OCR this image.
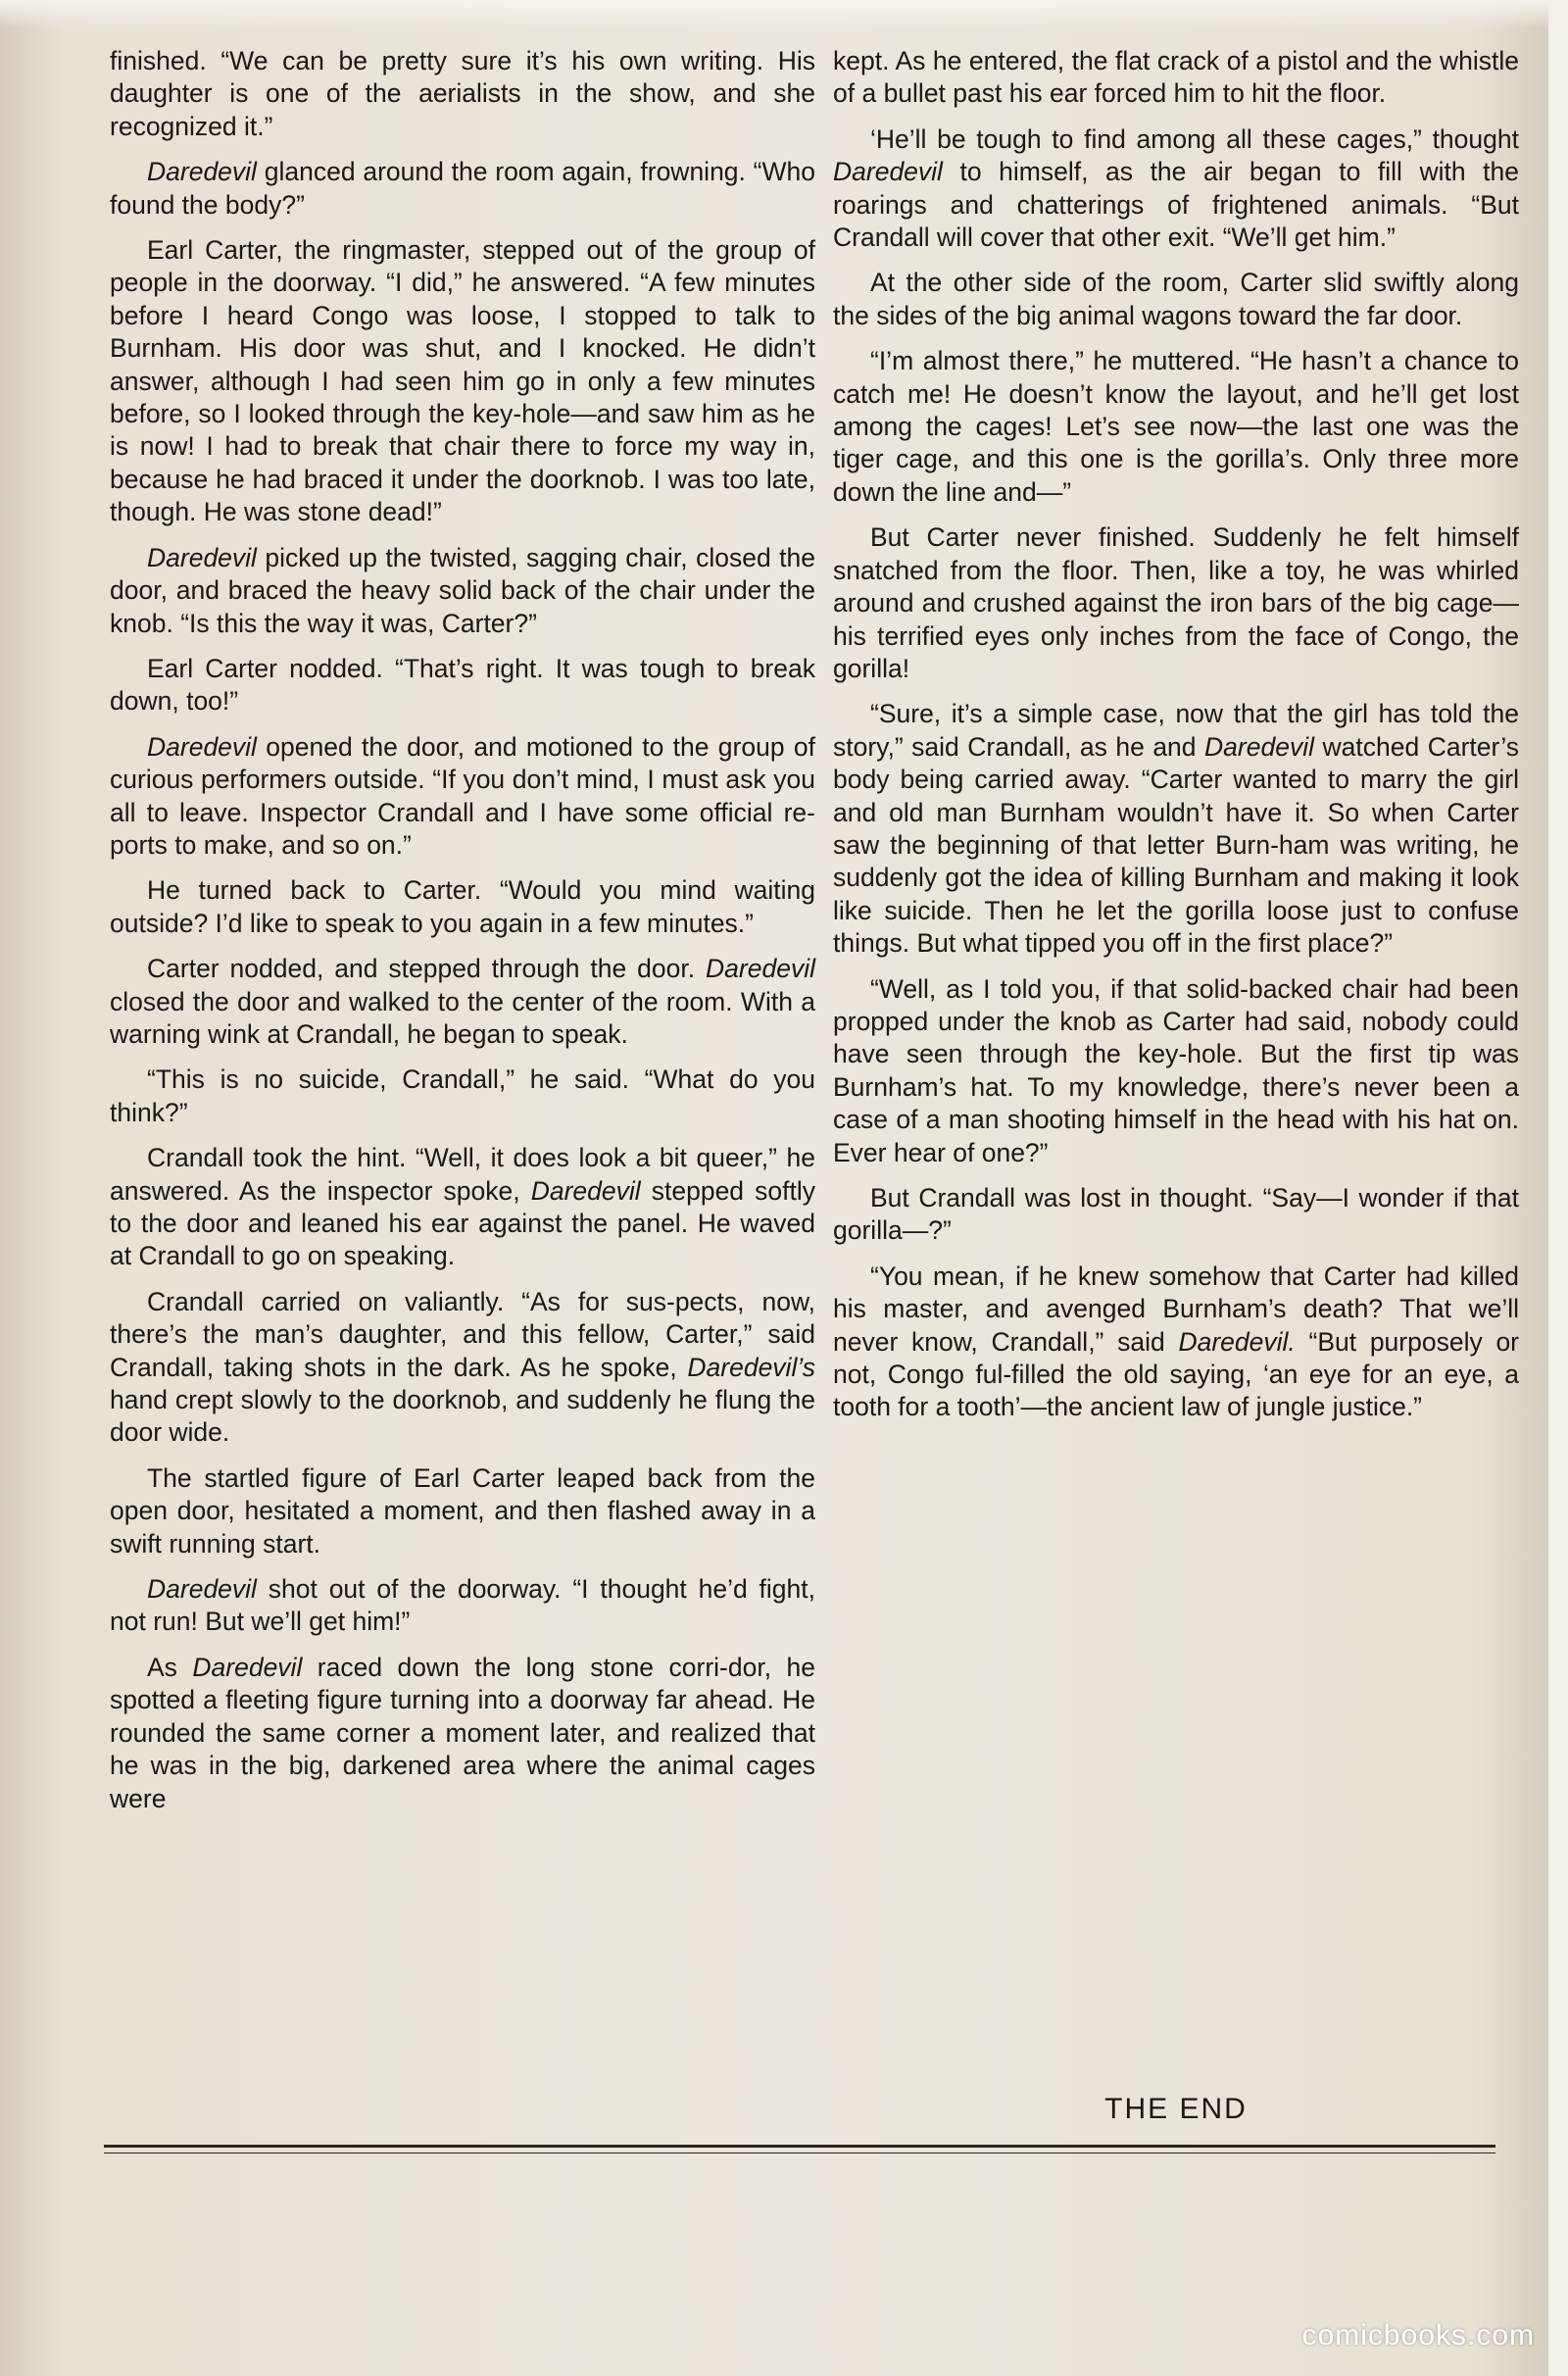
finished. “We can be pretty sure it’s his own writing. His daughter is one of the aerialists in the show, and she recognized it.”

Daredevil glanced around the room again, frowning. “Who found the body?”

Earl Carter, the ringmaster, stepped out of the group of people in the doorway. “I did,” he answered. “A few minutes before I heard Congo was loose, I stopped to talk to Burnham. His door was shut, and I knocked. He didn’t answer, although I had seen him go in only a few minutes before, so I looked through the key-hole—and saw him as he is now! I had to break that chair there to force my way in, because he had braced it under the doorknob. I was too late, though. He was stone dead!”

Daredevil picked up the twisted, sagging chair, closed the door, and braced the heavy solid back of the chair under the knob. “Is this the way it was, Carter?”

Earl Carter nodded. “That’s right. It was tough to break down, too!”

Daredevil opened the door, and motioned to the group of curious performers outside. “If you don’t mind, I must ask you all to leave. Inspector Crandall and I have some official re-ports to make, and so on.”

He turned back to Carter. “Would you mind waiting outside? I’d like to speak to you again in a few minutes.”

Carter nodded, and stepped through the door. Daredevil closed the door and walked to the center of the room. With a warning wink at Crandall, he began to speak.

“This is no suicide, Crandall,” he said. “What do you think?”

Crandall took the hint. “Well, it does look a bit queer,” he answered. As the inspector spoke, Daredevil stepped softly to the door and leaned his ear against the panel. He waved at Crandall to go on speaking.

Crandall carried on valiantly. “As for sus-pects, now, there’s the man’s daughter, and this fellow, Carter,” said Crandall, taking shots in the dark. As he spoke, Daredevil’s hand crept slowly to the doorknob, and suddenly he flung the door wide.

The startled figure of Earl Carter leaped back from the open door, hesitated a moment, and then flashed away in a swift running start.

Daredevil shot out of the doorway. “I thought he’d fight, not run! But we’ll get him!”

As Daredevil raced down the long stone corri-dor, he spotted a fleeting figure turning into a doorway far ahead. He rounded the same corner a moment later, and realized that he was in the big, darkened area where the animal cages were

kept. As he entered, the flat crack of a pistol and the whistle of a bullet past his ear forced him to hit the floor.

‘He’ll be tough to find among all these cages,” thought Daredevil to himself, as the air began to fill with the roarings and chatterings of frightened animals. “But Crandall will cover that other exit. “We’ll get him.”

At the other side of the room, Carter slid swiftly along the sides of the big animal wagons toward the far door.

“I’m almost there,” he muttered. “He hasn’t a chance to catch me! He doesn’t know the layout, and he’ll get lost among the cages! Let’s see now—the last one was the tiger cage, and this one is the gorilla’s. Only three more down the line and—”

But Carter never finished. Suddenly he felt himself snatched from the floor. Then, like a toy, he was whirled around and crushed against the iron bars of the big cage—his terrified eyes only inches from the face of Congo, the gorilla!

“Sure, it’s a simple case, now that the girl has told the story,” said Crandall, as he and Daredevil watched Carter’s body being carried away. “Carter wanted to marry the girl and old man Burnham wouldn’t have it. So when Carter saw the beginning of that letter Burn-ham was writing, he suddenly got the idea of killing Burnham and making it look like suicide. Then he let the gorilla loose just to confuse things. But what tipped you off in the first place?”

“Well, as I told you, if that solid-backed chair had been propped under the knob as Carter had said, nobody could have seen through the key-hole. But the first tip was Burnham’s hat. To my knowledge, there’s never been a case of a man shooting himself in the head with his hat on. Ever hear of one?”

But Crandall was lost in thought. “Say—I wonder if that gorilla—?”

“You mean, if he knew somehow that Carter had killed his master, and avenged Burnham’s death? That we’ll never know, Crandall,” said Daredevil. “But purposely or not, Congo ful-filled the old saying, ‘an eye for an eye, a tooth for a tooth’—the ancient law of jungle justice.”

THE END
comicbooks.com
